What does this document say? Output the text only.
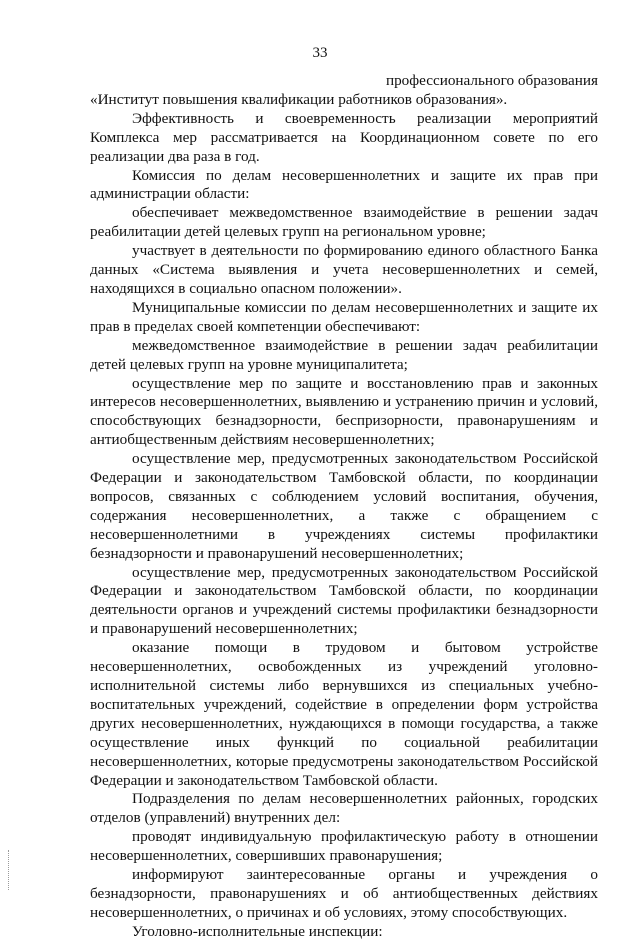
33

профессионального образования
«Институт повышения квалификации работников образования».

Эффективность и своевременность реализации мероприятий Комплекса мер рассматривается на Координационном совете по его реализации два раза в год.

Комиссия по делам несовершеннолетних и защите их прав при администрации области:

обеспечивает межведомственное взаимодействие в решении задач реабилитации детей целевых групп на региональном уровне;

участвует в деятельности по формированию единого областного Банка данных «Система выявления и учета несовершеннолетних и семей, находящихся в социально опасном положении».

Муниципальные комиссии по делам несовершеннолетних и защите их прав в пределах своей компетенции обеспечивают:

межведомственное взаимодействие в решении задач реабилитации детей целевых групп на уровне муниципалитета;

осуществление мер по защите и восстановлению прав и законных интересов несовершеннолетних, выявлению и устранению причин и условий, способствующих безнадзорности, беспризорности, правонарушениям и антиобщественным действиям несовершеннолетних;

осуществление мер, предусмотренных законодательством Российской Федерации и законодательством Тамбовской области, по координации вопросов, связанных с соблюдением условий воспитания, обучения, содержания несовершеннолетних, а также с обращением с несовершеннолетними в учреждениях системы профилактики безнадзорности и правонарушений несовершеннолетних;

осуществление мер, предусмотренных законодательством Российской Федерации и законодательством Тамбовской области, по координации деятельности органов и учреждений системы профилактики безнадзорности и правонарушений несовершеннолетних;

оказание помощи в трудовом и бытовом устройстве несовершеннолетних, освобожденных из учреждений уголовно-исполнительной системы либо вернувшихся из специальных учебно-воспитательных учреждений, содействие в определении форм устройства других несовершеннолетних, нуждающихся в помощи государства, а также осуществление иных функций по социальной реабилитации несовершеннолетних, которые предусмотрены законодательством Российской Федерации и законодательством Тамбовской области.

Подразделения по делам несовершеннолетних районных, городских отделов (управлений) внутренних дел:

проводят индивидуальную профилактическую работу в отношении несовершеннолетних, совершивших правонарушения;

информируют заинтересованные органы и учреждения о безнадзорности, правонарушениях и об антиобщественных действиях несовершеннолетних, о причинах и об условиях, этому способствующих.

Уголовно-исполнительные инспекции:
